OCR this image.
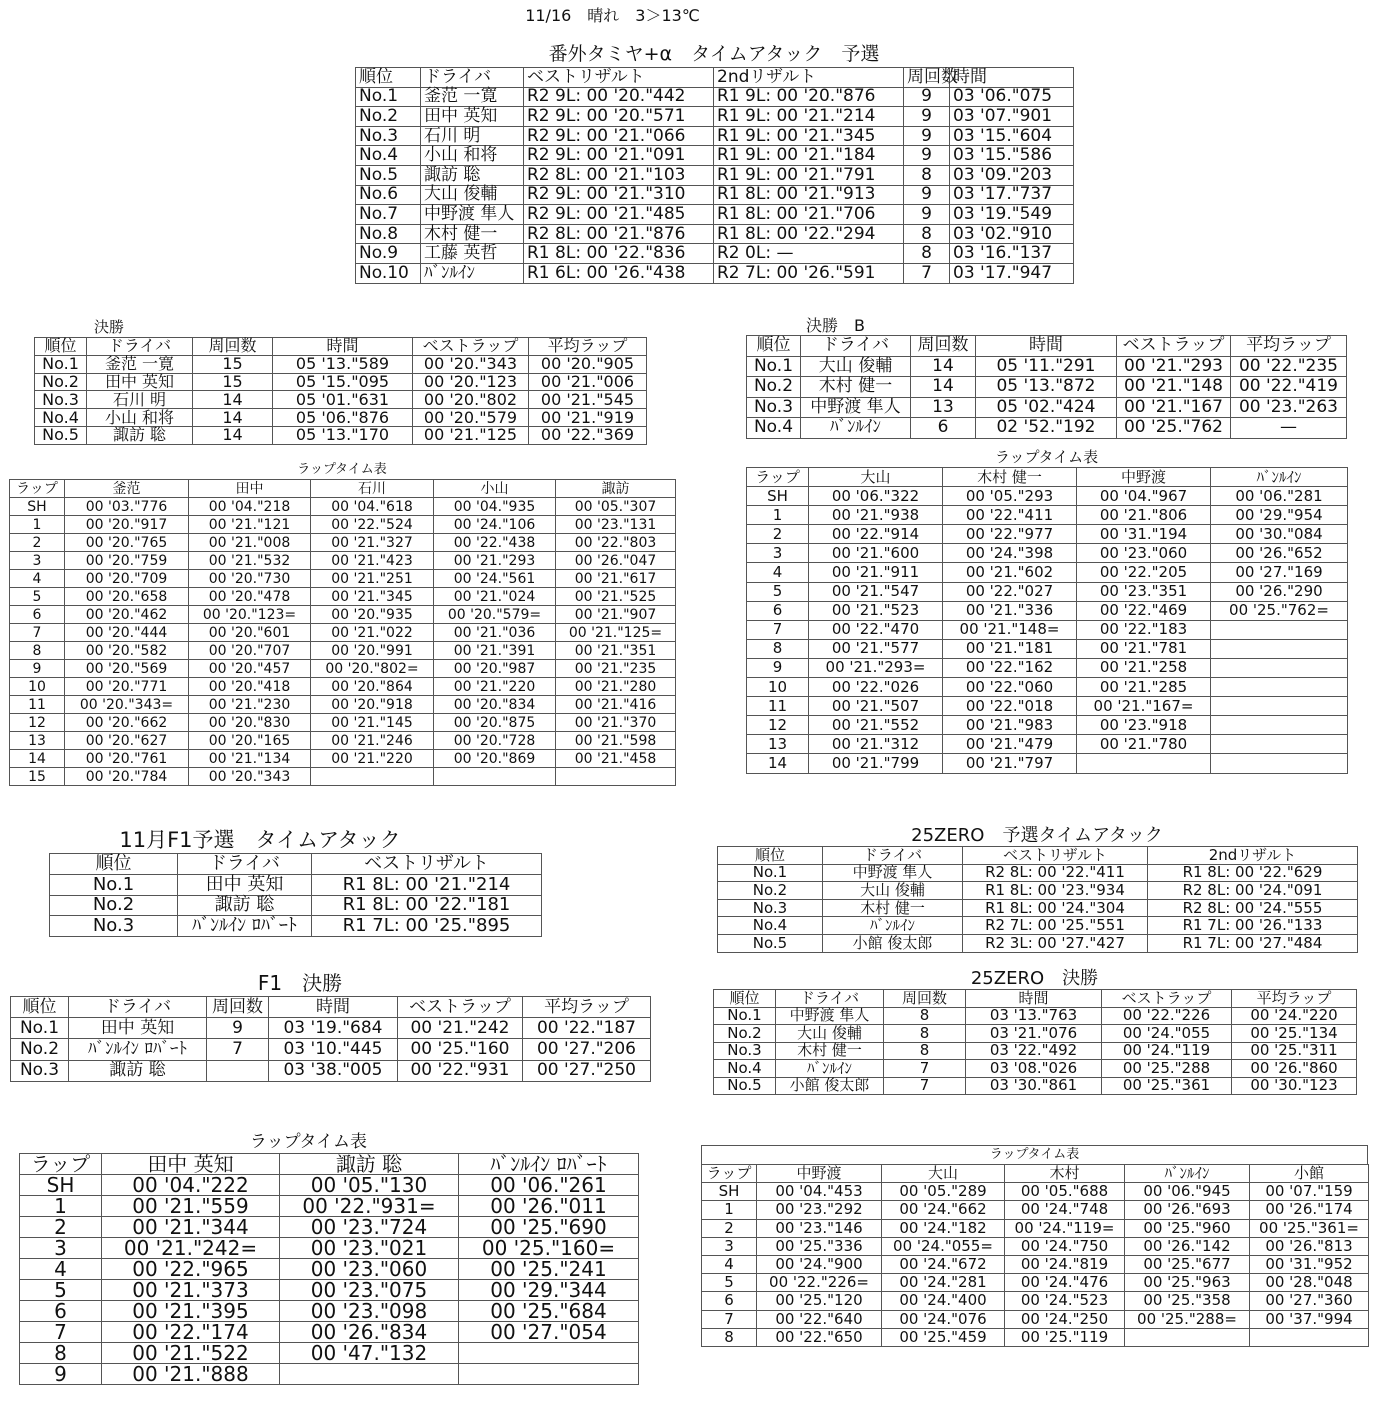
11/16　晴れ　3＞13℃
番外タミヤ+α　タイムアタック　予選
順位	ドライバ	ベストリザルト	2ndリザルト	周回数	時間
No.1	釜范 一寛	R2 9L: 00 '20."442	R1 9L: 00 '20."876	9	03 '06."075
No.2	田中 英知	R2 9L: 00 '20."571	R1 9L: 00 '21."214	9	03 '07."901
No.3	石川 明	R2 9L: 00 '21."066	R1 9L: 00 '21."345	9	03 '15."604
No.4	小山 和将	R2 9L: 00 '21."091	R1 9L: 00 '21."184	9	03 '15."586
No.5	諏訪 聡	R2 8L: 00 '21."103	R1 9L: 00 '21."791	8	03 '09."203
No.6	大山 俊輔	R2 9L: 00 '21."310	R1 8L: 00 '21."913	9	03 '17."737
No.7	中野渡 隼人	R2 9L: 00 '21."485	R1 8L: 00 '21."706	9	03 '19."549
No.8	木村 健一	R2 8L: 00 '21."876	R1 8L: 00 '22."294	8	03 '02."910
No.9	工藤 英哲	R1 8L: 00 '22."836	R2 0L: —	8	03 '16."137
No.10	ﾊﾞﾝﾙｲﾝ	R1 6L: 00 '26."438	R2 7L: 00 '26."591	7	03 '17."947
決勝
順位	ドライバ	周回数	時間	ベストラップ	平均ラップ
No.1	釜范 一寛	15	05 '13."589	00 '20."343	00 '20."905
No.2	田中 英知	15	05 '15."095	00 '20."123	00 '21."006
No.3	石川 明	14	05 '01."631	00 '20."802	00 '21."545
No.4	小山 和将	14	05 '06."876	00 '20."579	00 '21."919
No.5	諏訪 聡	14	05 '13."170	00 '21."125	00 '22."369
決勝　B
順位	ドライバ	周回数	時間	ベストラップ	平均ラップ
No.1	大山 俊輔	14	05 '11."291	00 '21."293	00 '22."235
No.2	木村 健一	14	05 '13."872	00 '21."148	00 '22."419
No.3	中野渡 隼人	13	05 '02."424	00 '21."167	00 '23."263
No.4	ﾊﾞﾝﾙｲﾝ	6	02 '52."192	00 '25."762	—
ラップタイム表
ラップ	釜范	田中	石川	小山	諏訪
SH	00 '03."776	00 '04."218	00 '04."618	00 '04."935	00 '05."307
1	00 '20."917	00 '21."121	00 '22."524	00 '24."106	00 '23."131
2	00 '20."765	00 '21."008	00 '21."327	00 '22."438	00 '22."803
3	00 '20."759	00 '21."532	00 '21."423	00 '21."293	00 '26."047
4	00 '20."709	00 '20."730	00 '21."251	00 '24."561	00 '21."617
5	00 '20."658	00 '20."478	00 '21."345	00 '21."024	00 '21."525
6	00 '20."462	00 '20."123=	00 '20."935	00 '20."579=	00 '21."907
7	00 '20."444	00 '20."601	00 '21."022	00 '21."036	00 '21."125=
8	00 '20."582	00 '20."707	00 '20."991	00 '21."391	00 '21."351
9	00 '20."569	00 '20."457	00 '20."802=	00 '20."987	00 '21."235
10	00 '20."771	00 '20."418	00 '20."864	00 '21."220	00 '21."280
11	00 '20."343=	00 '21."230	00 '20."918	00 '20."834	00 '21."416
12	00 '20."662	00 '20."830	00 '21."145	00 '20."875	00 '21."370
13	00 '20."627	00 '20."165	00 '21."246	00 '20."728	00 '21."598
14	00 '20."761	00 '21."134	00 '21."220	00 '20."869	00 '21."458
15	00 '20."784	00 '20."343			
ラップタイム表
ラップ	大山	木村 健一	中野渡	ﾊﾞﾝﾙｲﾝ
SH	00 '06."322	00 '05."293	00 '04."967	00 '06."281
1	00 '21."938	00 '22."411	00 '21."806	00 '29."954
2	00 '22."914	00 '22."977	00 '31."194	00 '30."084
3	00 '21."600	00 '24."398	00 '23."060	00 '26."652
4	00 '21."911	00 '21."602	00 '22."205	00 '27."169
5	00 '21."547	00 '22."027	00 '23."351	00 '26."290
6	00 '21."523	00 '21."336	00 '22."469	00 '25."762=
7	00 '22."470	00 '21."148=	00 '22."183	
8	00 '21."577	00 '21."181	00 '21."781	
9	00 '21."293=	00 '22."162	00 '21."258	
10	00 '22."026	00 '22."060	00 '21."285	
11	00 '21."507	00 '22."018	00 '21."167=	
12	00 '21."552	00 '21."983	00 '23."918	
13	00 '21."312	00 '21."479	00 '21."780	
14	00 '21."799	00 '21."797		
11月F1予選　タイムアタック
順位	ドライバ	ベストリザルト
No.1	田中 英知	R1 8L: 00 '21."214
No.2	諏訪 聡	R1 8L: 00 '22."181
No.3	ﾊﾞﾝﾙｲﾝ ﾛﾊﾞｰﾄ	R1 7L: 00 '25."895
F1　決勝
順位	ドライバ	周回数	時間	ベストラップ	平均ラップ
No.1	田中 英知	9	03 '19."684	00 '21."242	00 '22."187
No.2	ﾊﾞﾝﾙｲﾝ ﾛﾊﾞｰﾄ	7	03 '10."445	00 '25."160	00 '27."206
No.3	諏訪 聡		03 '38."005	00 '22."931	00 '27."250
ラップタイム表
ラップ	田中 英知	諏訪 聡	ﾊﾞﾝﾙｲﾝ ﾛﾊﾞｰﾄ
SH	00 '04."222	00 '05."130	00 '06."261
1	00 '21."559	00 '22."931=	00 '26."011
2	00 '21."344	00 '23."724	00 '25."690
3	00 '21."242=	00 '23."021	00 '25."160=
4	00 '22."965	00 '23."060	00 '25."241
5	00 '21."373	00 '23."075	00 '29."344
6	00 '21."395	00 '23."098	00 '25."684
7	00 '22."174	00 '26."834	00 '27."054
8	00 '21."522	00 '47."132	
9	00 '21."888		
25ZERO　予選タイムアタック
順位	ドライバ	ベストリザルト	2ndリザルト
No.1	中野渡 隼人	R2 8L: 00 '22."411	R1 8L: 00 '22."629
No.2	大山 俊輔	R1 8L: 00 '23."934	R2 8L: 00 '24."091
No.3	木村 健一	R1 8L: 00 '24."304	R2 8L: 00 '24."555
No.4	ﾊﾞﾝﾙｲﾝ	R2 7L: 00 '25."551	R1 7L: 00 '26."133
No.5	小館 俊太郎	R2 3L: 00 '27."427	R1 7L: 00 '27."484
25ZERO　決勝
順位	ドライバ	周回数	時間	ベストラップ	平均ラップ
No.1	中野渡 隼人	8	03 '13."763	00 '22."226	00 '24."220
No.2	大山 俊輔	8	03 '21."076	00 '24."055	00 '25."134
No.3	木村 健一	8	03 '22."492	00 '24."119	00 '25."311
No.4	ﾊﾞﾝﾙｲﾝ	7	03 '08."026	00 '25."288	00 '26."860
No.5	小館 俊太郎	7	03 '30."861	00 '25."361	00 '30."123
ラップタイム表
ラップ	中野渡	大山	木村	ﾊﾞﾝﾙｲﾝ	小館
SH	00 '04."453	00 '05."289	00 '05."688	00 '06."945	00 '07."159
1	00 '23."292	00 '24."662	00 '24."748	00 '26."693	00 '26."174
2	00 '23."146	00 '24."182	00 '24."119=	00 '25."960	00 '25."361=
3	00 '25."336	00 '24."055=	00 '24."750	00 '26."142	00 '26."813
4	00 '24."900	00 '24."672	00 '24."819	00 '25."677	00 '31."952
5	00 '22."226=	00 '24."281	00 '24."476	00 '25."963	00 '28."048
6	00 '25."120	00 '24."400	00 '24."523	00 '25."358	00 '27."360
7	00 '22."640	00 '24."076	00 '24."250	00 '25."288=	00 '37."994
8	00 '22."650	00 '25."459	00 '25."119		
